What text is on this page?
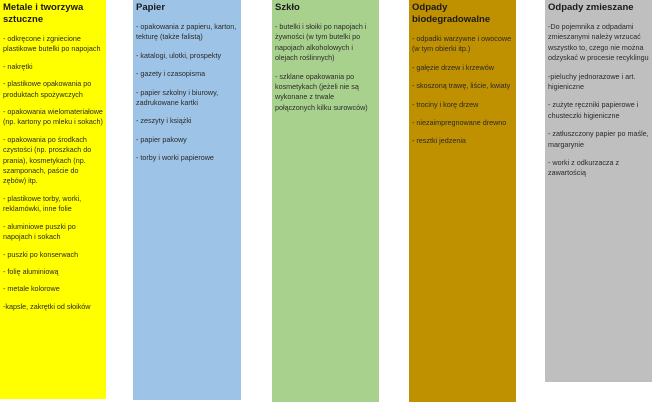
Metale i tworzywa sztuczne
- odkręcone i zgniecione plastikowe butelki po napojach
- nakrętki
- plastikowe opakowania po produktach spożywczych
- opakowania wielomateriałowe (np. kartony po mleku i sokach)
- opakowania po środkach czystości (np. proszkach do prania), kosmetykach (np. szamponach, paście do zębów) itp.
- plastikowe torby, worki, reklamówki, inne folie
- aluminiowe puszki po napojach i sokach
- puszki po konserwach
- folię aluminiową
- metale kolorowe
-kapsle, zakrętki od słoików
Papier
- opakowania z papieru, karton, tekturę (także falistą)
- katalogi, ulotki, prospekty
- gazety i czasopisma
- papier szkolny i biurowy, zadrukowane kartki
- zeszyty i książki
- papier pakowy
- torby i worki papierowe
Szkło
- butelki i słoiki po napojach i żywności (w tym butelki po napojach alkoholowych i olejach roślinnych)
- szklane opakowania po kosmetykach (jeżeli nie są wykonane z trwale połączonych kilku surowców)
Odpady biodegradowalne
- odpadki warzywne i owocowe (w tym obierki itp.)
- gałęzie drzew i krzewów
- skoszoną trawę, liście, kwiaty
- trociny i korę drzew
- niezaimpregnowane drewno
- resztki jedzenia
Odpady zmieszane
-Do pojemnika z odpadami zmieszanymi należy wrzucać wszystko to, czego nie można odzyskać w procesie recyklingu
-pieluchy jednorazowe i art. higieniczne
- zużyte ręczniki papierowe i chusteczki higieniczne
- zatłuszczony papier po maśle, margarynie
- worki z odkurzacza z zawartością
